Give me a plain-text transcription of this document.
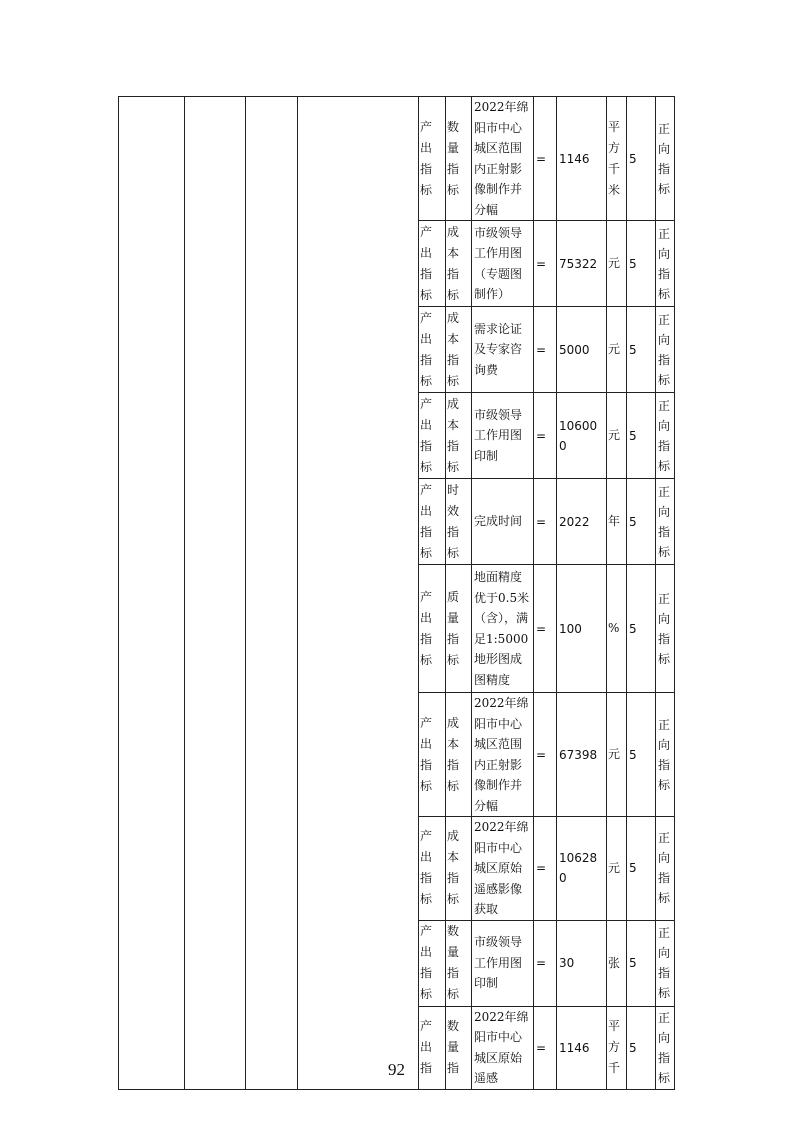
				产
出
指
标	数
量
指
标	2022年绵阳市中心城区范围内正射影像制作并分幅	=	1146	平
方
千
米	5	正向指标

				产
出
指
标	成
本
指
标	市级领导工作用图（专题图制作）	=	75322	元	5	正向指标

				产
出
指
标	成
本
指
标	需求论证及专家咨询费	=	5000	元	5	正向指标

				产
出
指
标	成
本
指
标	市级领导工作用图印制	=	106000	元	5	正向指标

				产
出
指
标	时
效
指
标	完成时间	=	2022	年	5	正向指标

				产
出
指
标	质
量
指
标	地面精度优于0.5米（含），满足1:5000地形图成图精度	=	100	%	5	正向指标

				产
出
指
标	成
本
指
标	2022年绵阳市中心城区范围内正射影像制作并分幅	=	67398	元	5	正向指标

				产
出
指
标	成
本
指
标	2022年绵阳市中心城区原始遥感影像获取	=	106280	元	5	正向指标

				产
出
指
标	数
量
指
标	市级领导工作用图印制	=	30	张	5	正向指标

				产
出
指	数
量
指	2022年绵阳市中心城区原始遥感	=	1146	平
方
千	5	正向指标
92
